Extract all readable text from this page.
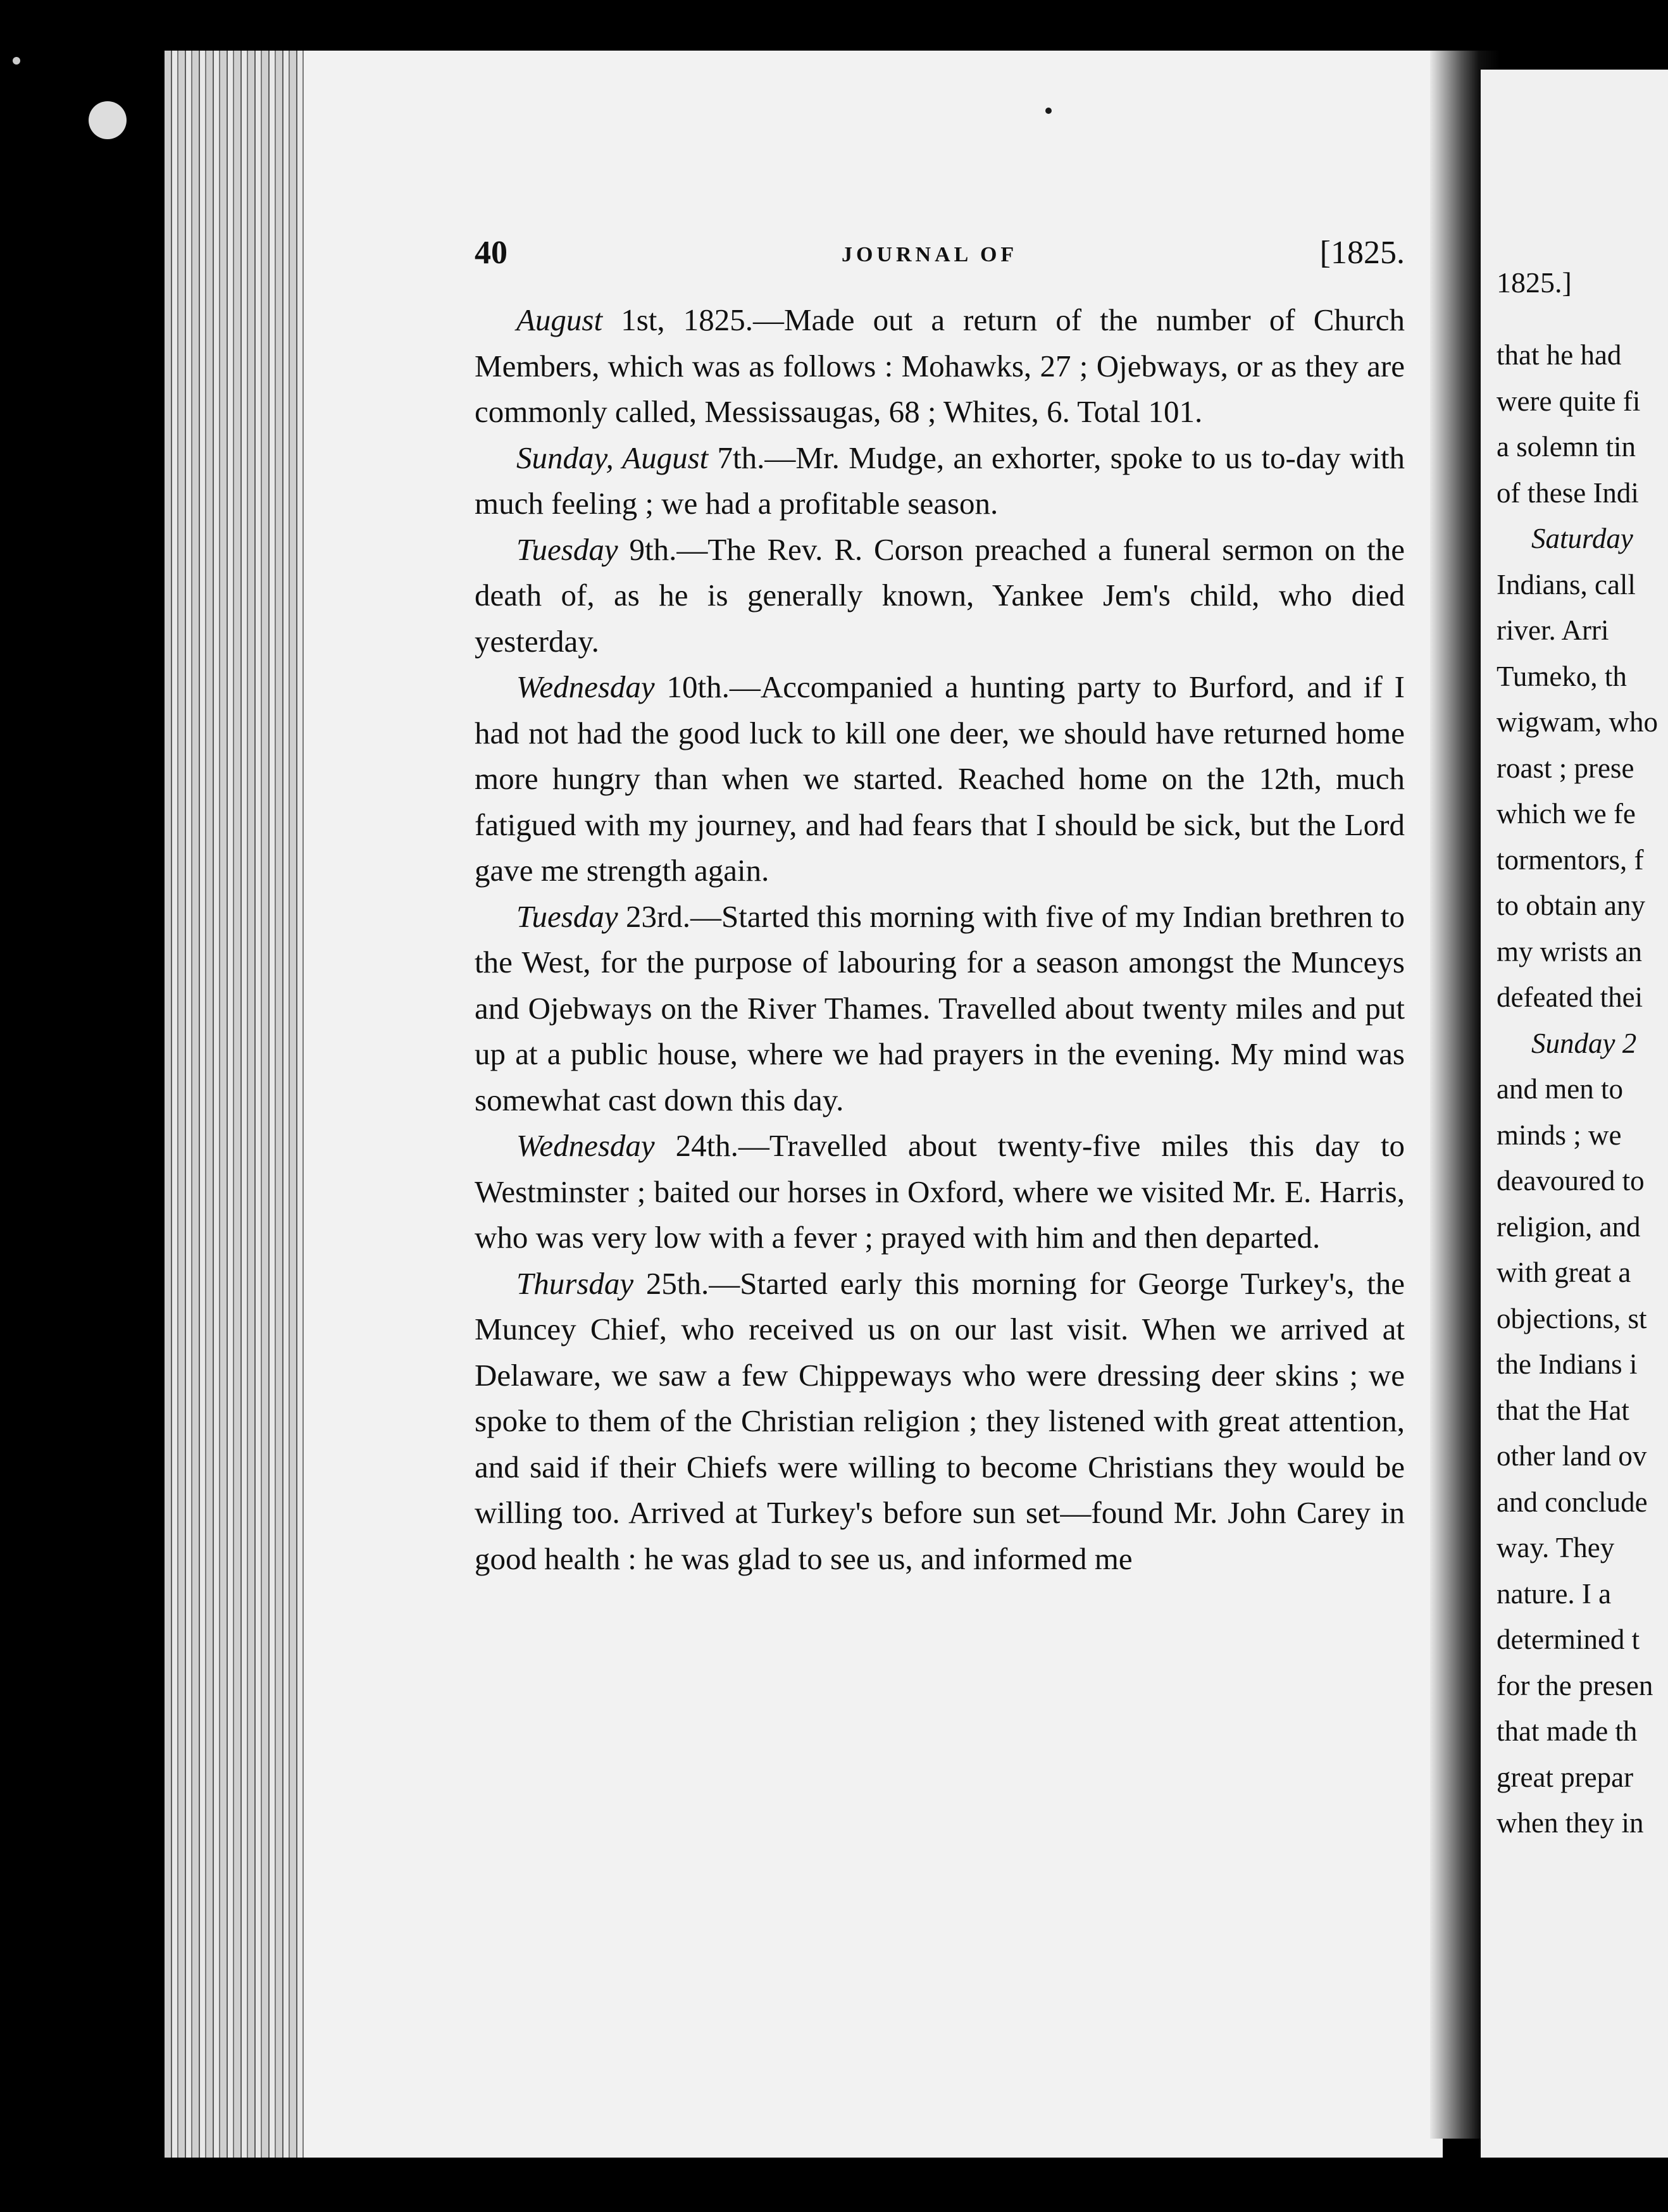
1825.]
that he had
were quite fi
a solemn tin
of these Indi
Saturday
Indians, call
river. Arri
Tumeko, th
wigwam, who
roast ; prese
which we fe
tormentors, f
to obtain any
my wrists an
defeated thei
Sunday 2
and men to
minds ; we
deavoured to
religion, and
with great a
objections, st
the Indians i
that the Hat
other land ov
and conclude
way. They
nature. I a
determined t
for the presen
that made th
great prepar
when they in
40	JOURNAL OF	[1825.

August 1st, 1825.—Made out a return of the number of Church Members, which was as follows : Mohawks, 27 ; Ojebways, or as they are commonly called, Messissaugas, 68 ; Whites, 6. Total 101.

Sunday, August 7th.—Mr. Mudge, an exhorter, spoke to us to-day with much feeling ; we had a profitable season.

Tuesday 9th.—The Rev. R. Corson preached a funeral sermon on the death of, as he is generally known, Yankee Jem's child, who died yesterday.

Wednesday 10th.—Accompanied a hunting party to Burford, and if I had not had the good luck to kill one deer, we should have returned home more hungry than when we started. Reached home on the 12th, much fatigued with my journey, and had fears that I should be sick, but the Lord gave me strength again.

Tuesday 23rd.—Started this morning with five of my Indian brethren to the West, for the purpose of labouring for a season amongst the Munceys and Ojebways on the River Thames. Travelled about twenty miles and put up at a public house, where we had prayers in the evening. My mind was somewhat cast down this day.

Wednesday 24th.—Travelled about twenty-five miles this day to Westminster ; baited our horses in Oxford, where we visited Mr. E. Harris, who was very low with a fever ; prayed with him and then departed.

Thursday 25th.—Started early this morning for George Turkey's, the Muncey Chief, who received us on our last visit. When we arrived at Delaware, we saw a few Chippeways who were dressing deer skins ; we spoke to them of the Christian religion ; they listened with great attention, and said if their Chiefs were willing to become Christians they would be willing too. Arrived at Turkey's before sun set—found Mr. John Carey in good health : he was glad to see us, and informed me
